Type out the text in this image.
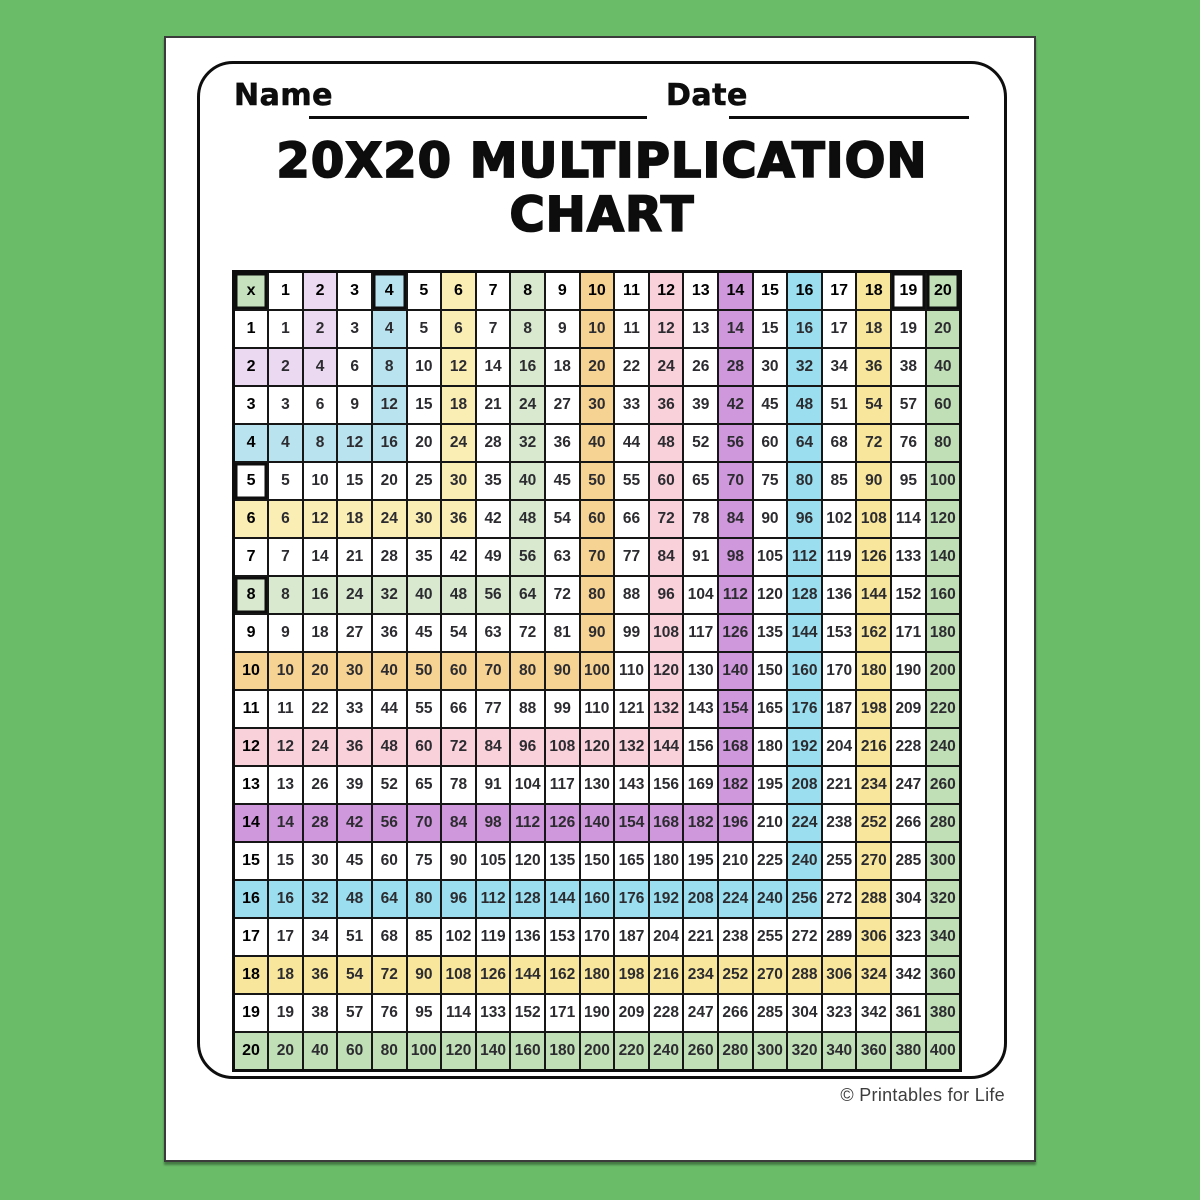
Name	Date
20X20 MULTIPLICATION CHART
x	1	2	3	4	5	6	7	8	9	10	11	12	13	14	15	16	17	18	19	20
1	1	2	3	4	5	6	7	8	9	10	11	12	13	14	15	16	17	18	19	20
2	2	4	6	8	10	12	14	16	18	20	22	24	26	28	30	32	34	36	38	40
3	3	6	9	12	15	18	21	24	27	30	33	36	39	42	45	48	51	54	57	60
4	4	8	12	16	20	24	28	32	36	40	44	48	52	56	60	64	68	72	76	80
5	5	10	15	20	25	30	35	40	45	50	55	60	65	70	75	80	85	90	95	100
6	6	12	18	24	30	36	42	48	54	60	66	72	78	84	90	96	102	108	114	120
7	7	14	21	28	35	42	49	56	63	70	77	84	91	98	105	112	119	126	133	140
8	8	16	24	32	40	48	56	64	72	80	88	96	104	112	120	128	136	144	152	160
9	9	18	27	36	45	54	63	72	81	90	99	108	117	126	135	144	153	162	171	180
10	10	20	30	40	50	60	70	80	90	100	110	120	130	140	150	160	170	180	190	200
11	11	22	33	44	55	66	77	88	99	110	121	132	143	154	165	176	187	198	209	220
12	12	24	36	48	60	72	84	96	108	120	132	144	156	168	180	192	204	216	228	240
13	13	26	39	52	65	78	91	104	117	130	143	156	169	182	195	208	221	234	247	260
14	14	28	42	56	70	84	98	112	126	140	154	168	182	196	210	224	238	252	266	280
15	15	30	45	60	75	90	105	120	135	150	165	180	195	210	225	240	255	270	285	300
16	16	32	48	64	80	96	112	128	144	160	176	192	208	224	240	256	272	288	304	320
17	17	34	51	68	85	102	119	136	153	170	187	204	221	238	255	272	289	306	323	340
18	18	36	54	72	90	108	126	144	162	180	198	216	234	252	270	288	306	324	342	360
19	19	38	57	76	95	114	133	152	171	190	209	228	247	266	285	304	323	342	361	380
20	20	40	60	80	100	120	140	160	180	200	220	240	260	280	300	320	340	360	380	400
© Printables for Life
